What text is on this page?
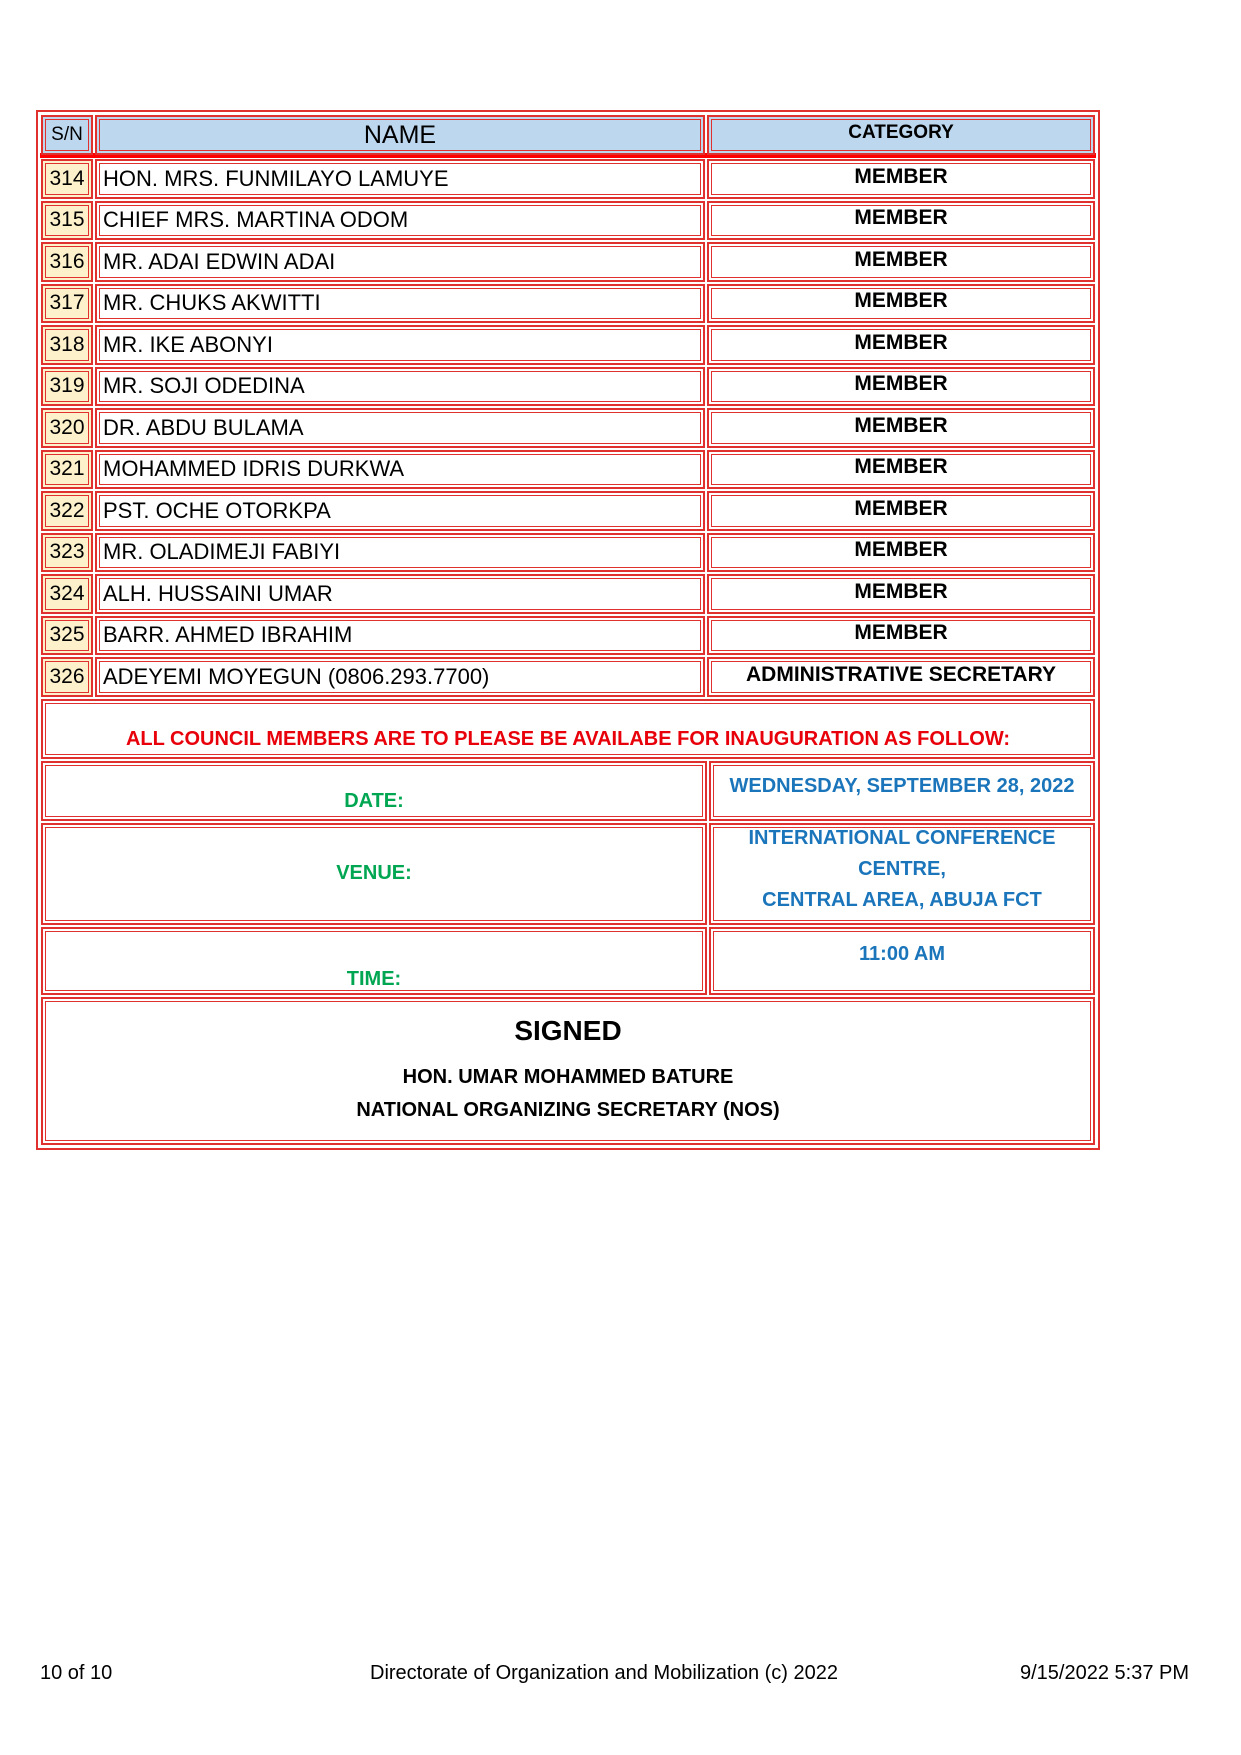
S/N	NAME	CATEGORY
314 HON. MRS. FUNMILAYO LAMUYE	MEMBER
315 CHIEF MRS. MARTINA ODOM	MEMBER
316 MR. ADAI EDWIN ADAI	MEMBER
317 MR. CHUKS AKWITTI	MEMBER
318 MR. IKE ABONYI	MEMBER
319 MR. SOJI ODEDINA	MEMBER
320 DR. ABDU BULAMA	MEMBER
321 MOHAMMED IDRIS DURKWA	MEMBER
322 PST. OCHE OTORKPA	MEMBER
323 MR. OLADIMEJI FABIYI	MEMBER
324 ALH. HUSSAINI UMAR	MEMBER
325 BARR. AHMED IBRAHIM	MEMBER
326 ADEYEMI MOYEGUN (0806.293.7700)	ADMINISTRATIVE SECRETARY
ALL COUNCIL MEMBERS ARE TO PLEASE BE AVAILABE FOR INAUGURATION AS FOLLOW:
DATE:
WEDNESDAY, SEPTEMBER 28, 2022
VENUE:
INTERNATIONAL CONFERENCE CENTRE,
CENTRAL AREA, ABUJA FCT
TIME:
11:00 AM
SIGNED
HON. UMAR MOHAMMED BATURE
NATIONAL ORGANIZING SECRETARY (NOS)
10 of 10	Directorate of Organization and Mobilization (c) 2022	9/15/2022 5:37 PM
